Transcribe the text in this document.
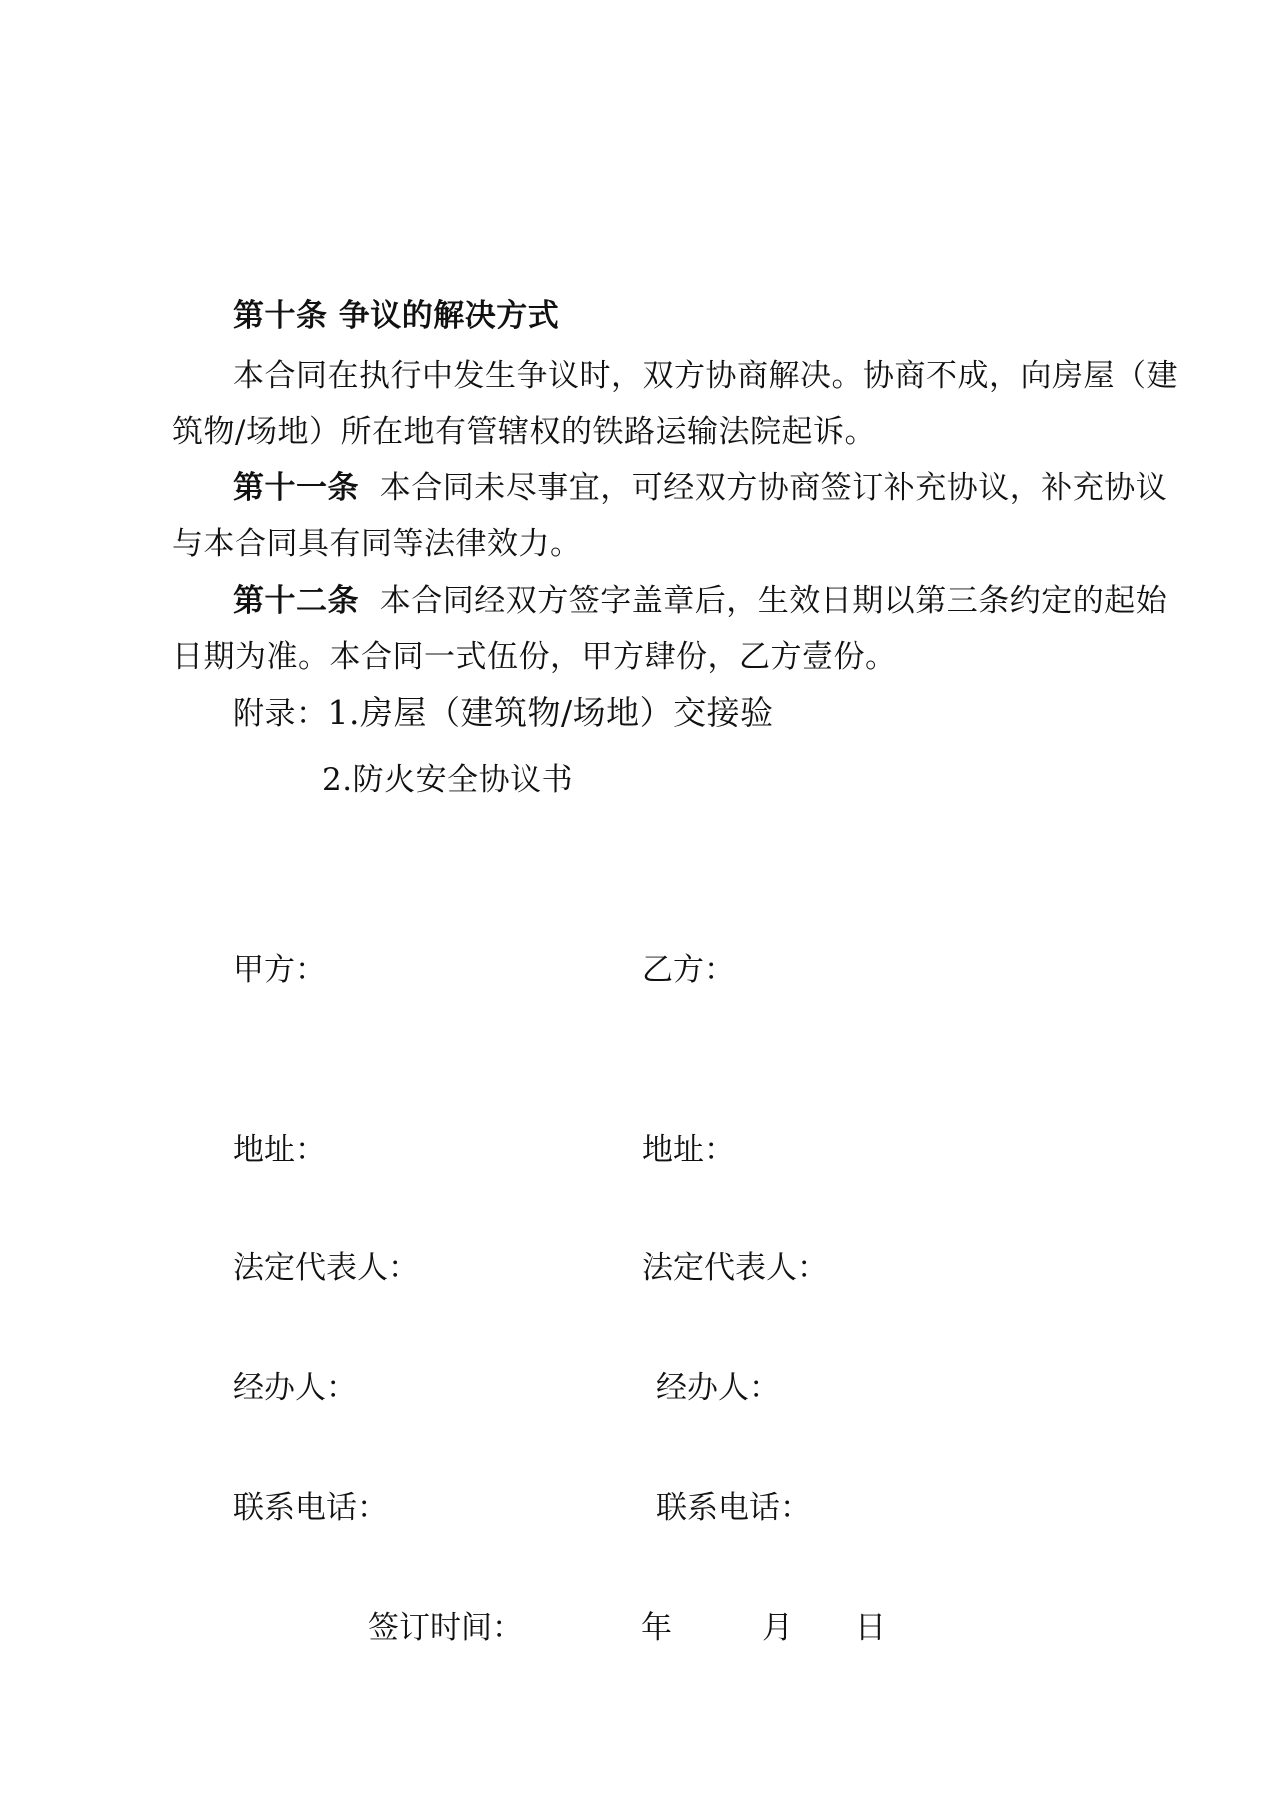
第十条 争议的解决方式
本合同在执行中发生争议时，双方协商解决。协商不成，向房屋（建
筑物/场地）所在地有管辖权的铁路运输法院起诉。
第十一条 本合同未尽事宜，可经双方协商签订补充协议，补充协议
与本合同具有同等法律效力。
第十二条 本合同经双方签字盖章后，生效日期以第三条约定的起始
日期为准。本合同一式伍份，甲方肆份，乙方壹份。
附录：1.房屋（建筑物/场地）交接验
2.防火安全协议书
甲方：	乙方：
地址：	地址：
法定代表人：	法定代表人：
经办人：	经办人：
联系电话：	联系电话：
签订时间：	年	月 日
